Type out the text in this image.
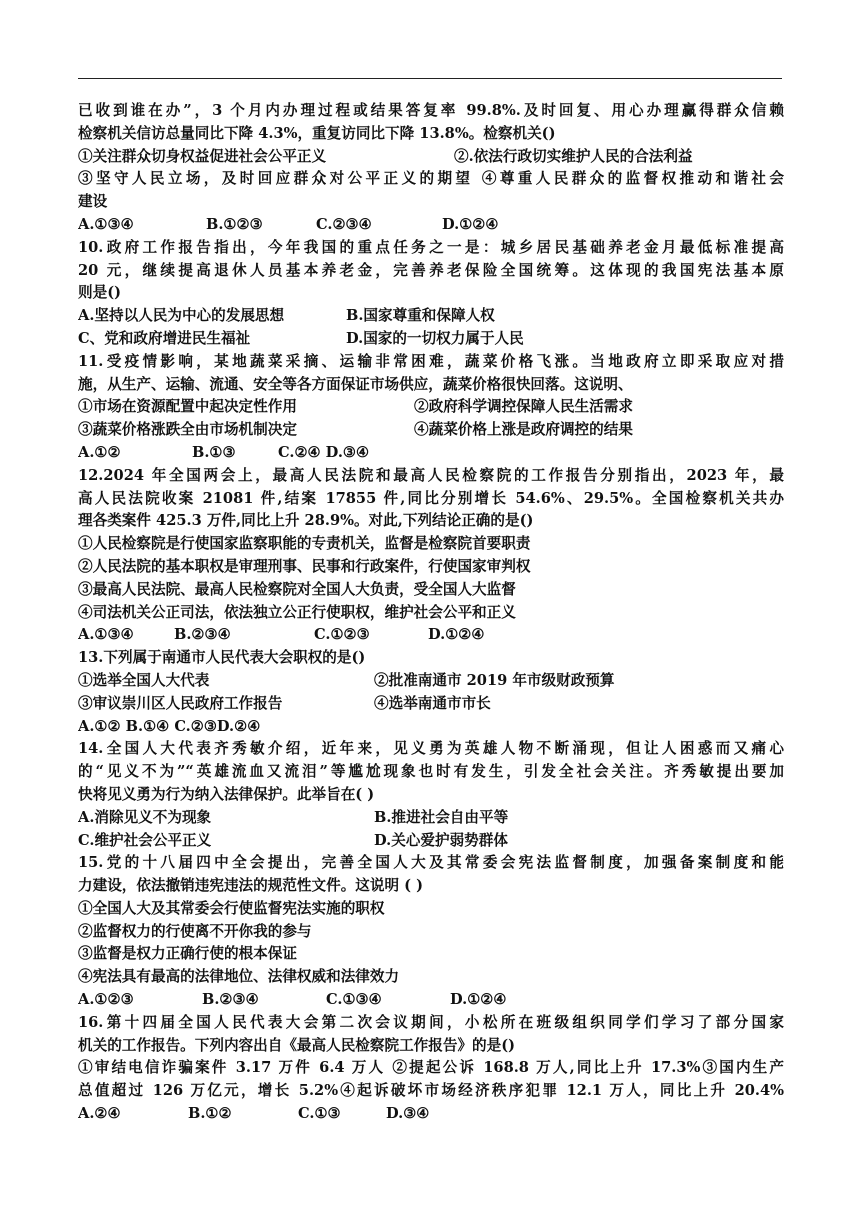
已收到谁在办”，3 个月内办理过程或结果答复率 99.8%.及时回复、用心办理赢得群众信赖
检察机关信访总量同比下降 4.3%，重复访同比下降 13.8%。检察机关()
①关注群众切身权益促进社会公平正义	②.依法行政切实维护人民的合法利益
③坚守人民立场，及时回应群众对公平正义的期望 ④尊重人民群众的监督权推动和谐社会
建设
A.①③④	B.①②③	C.②③④	D.①②④
10.政府工作报告指出，今年我国的重点任务之一是：城乡居民基础养老金月最低标准提高
20 元，继续提高退休人员基本养老金，完善养老保险全国统筹。这体现的我国宪法基本原
则是()
A.坚持以人民为中心的发展思想	B.国家尊重和保障人权
C、党和政府增进民生福祉	D.国家的一切权力属于人民
11.受疫情影响，某地蔬菜采摘、运输非常困难，蔬菜价格飞涨。当地政府立即采取应对措
施，从生产、运输、流通、安全等各方面保证市场供应，蔬菜价格很快回落。这说明、
①市场在资源配置中起决定性作用	②政府科学调控保障人民生活需求
③蔬菜价格涨跌全由市场机制决定	④蔬菜价格上涨是政府调控的结果
A.①②	B.①③	C.②④ D.③④
12.2024 年全国两会上，最高人民法院和最高人民检察院的工作报告分别指出，2023 年，最
高人民法院收案 21081 件,结案 17855 件,同比分别增长 54.6%、29.5%。全国检察机关共办
理各类案件 425.3 万件,同比上升 28.9%。对此,下列结论正确的是()
①人民检察院是行使国家监察职能的专责机关，监督是检察院首要职责
②人民法院的基本职权是审理刑事、民事和行政案件，行使国家审判权
③最高人民法院、最高人民检察院对全国人大负责，受全国人大监督
④司法机关公正司法，依法独立公正行使职权，维护社会公平和正义
A.①③④	B.②③④	C.①②③	D.①②④
13.下列属于南通市人民代表大会职权的是()
①选举全国人大代表	②批准南通市 2019 年市级财政预算
③审议崇川区人民政府工作报告	④选举南通市市长
A.①② B.①④ C.②③D.②④
14.全国人大代表齐秀敏介绍，近年来，见义勇为英雄人物不断涌现，但让人困惑而又痛心
的“见义不为”“英雄流血又流泪”等尴尬现象也时有发生，引发全社会关注。齐秀敏提出要加
快将见义勇为行为纳入法律保护。此举旨在( )
A.消除见义不为现象	B.推进社会自由平等
C.维护社会公平正义	D.关心爱护弱势群体
15.党的十八届四中全会提出，完善全国人大及其常委会宪法监督制度，加强备案制度和能
力建设，依法撤销违宪违法的规范性文件。这说明 ( )
①全国人大及其常委会行使监督宪法实施的职权
②监督权力的行使离不开你我的参与
③监督是权力正确行使的根本保证
④宪法具有最高的法律地位、法律权威和法律效力
A.①②③	B.②③④	C.①③④	D.①②④
16.第十四届全国人民代表大会第二次会议期间，小松所在班级组织同学们学习了部分国家
机关的工作报告。下列内容出自《最高人民检察院工作报告》的是()
①审结电信诈骗案件 3.17 万件 6.4 万人 ②提起公诉 168.8 万人,同比上升 17.3%③国内生产
总值超过 126 万亿元，增长 5.2%④起诉破坏市场经济秩序犯罪 12.1 万人，同比上升 20.4%
A.②④	B.①②	C.①③	D.③④
